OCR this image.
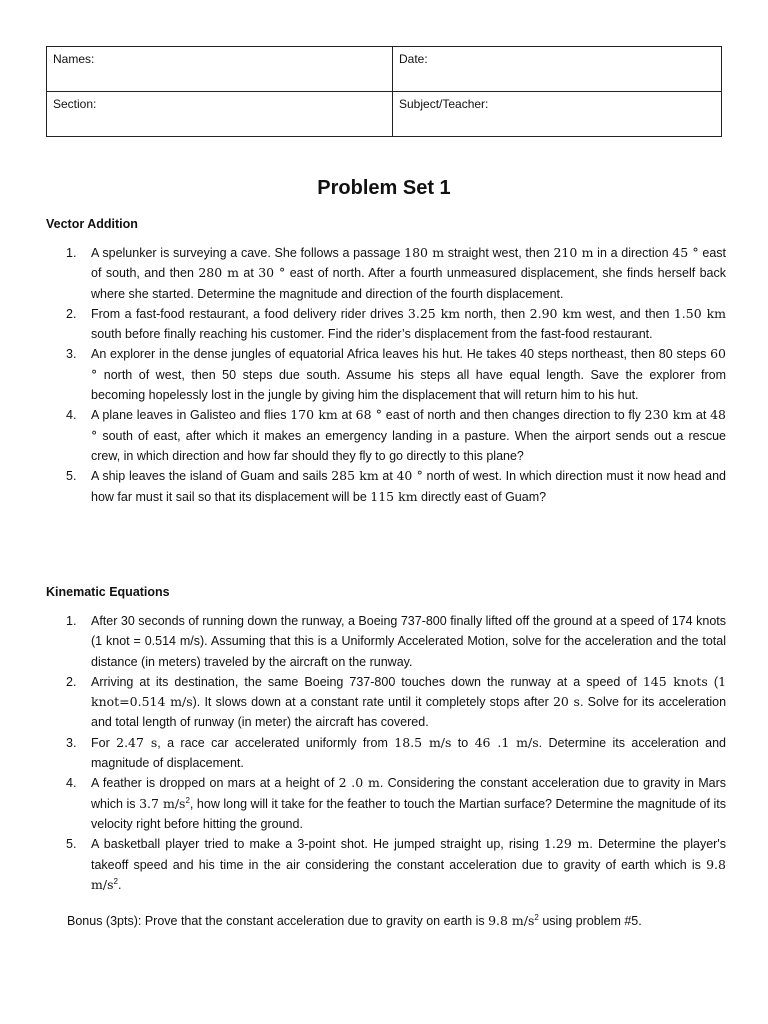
Names:	Date:
Section:	Subject/Teacher:
Problem Set 1

Vector Addition

1. A spelunker is surveying a cave. She follows a passage 180 m straight west, then 210 m in a direction 45 ° east of south, and then 280 m at 30 ° east of north. After a fourth unmeasured displacement, she finds herself back where she started. Determine the magnitude and direction of the fourth displacement.
2. From a fast-food restaurant, a food delivery rider drives 3.25 km north, then 2.90 km west, and then 1.50 km south before finally reaching his customer. Find the rider’s displacement from the fast-food restaurant.
3. An explorer in the dense jungles of equatorial Africa leaves his hut. He takes 40 steps northeast, then 80 steps 60 ° north of west, then 50 steps due south. Assume his steps all have equal length. Save the explorer from becoming hopelessly lost in the jungle by giving him the displacement that will return him to his hut.
4. A plane leaves in Galisteo and flies 170 km at 68 ° east of north and then changes direction to fly 230 km at 48 ° south of east, after which it makes an emergency landing in a pasture. When the airport sends out a rescue crew, in which direction and how far should they fly to go directly to this plane?
5. A ship leaves the island of Guam and sails 285 km at 40 ° north of west. In which direction must it now head and how far must it sail so that its displacement will be 115 km directly east of Guam?

Kinematic Equations

1. After 30 seconds of running down the runway, a Boeing 737-800 finally lifted off the ground at a speed of 174 knots (1 knot = 0.514 m/s). Assuming that this is a Uniformly Accelerated Motion, solve for the acceleration and the total distance (in meters) traveled by the aircraft on the runway.
2. Arriving at its destination, the same Boeing 737-800 touches down the runway at a speed of 145 knots (1 knot=0.514 m/s). It slows down at a constant rate until it completely stops after 20 s. Solve for its acceleration and total length of runway (in meter) the aircraft has covered.
3. For 2.47 s, a race car accelerated uniformly from 18.5 m/s to 46 .1 m/s. Determine its acceleration and magnitude of displacement.
4. A feather is dropped on mars at a height of 2 .0 m. Considering the constant acceleration due to gravity in Mars which is 3.7 $m/s^2$, how long will it take for the feather to touch the Martian surface? Determine the magnitude of its velocity right before hitting the ground.
5. A basketball player tried to make a 3-point shot. He jumped straight up, rising 1.29 m. Determine the player's takeoff speed and his time in the air considering the constant acceleration due to gravity of earth which is 9.8 $m/s^2$.
Bonus (3pts): Prove that the constant acceleration due to gravity on earth is 9.8 $m/s^2$ using problem #5.
